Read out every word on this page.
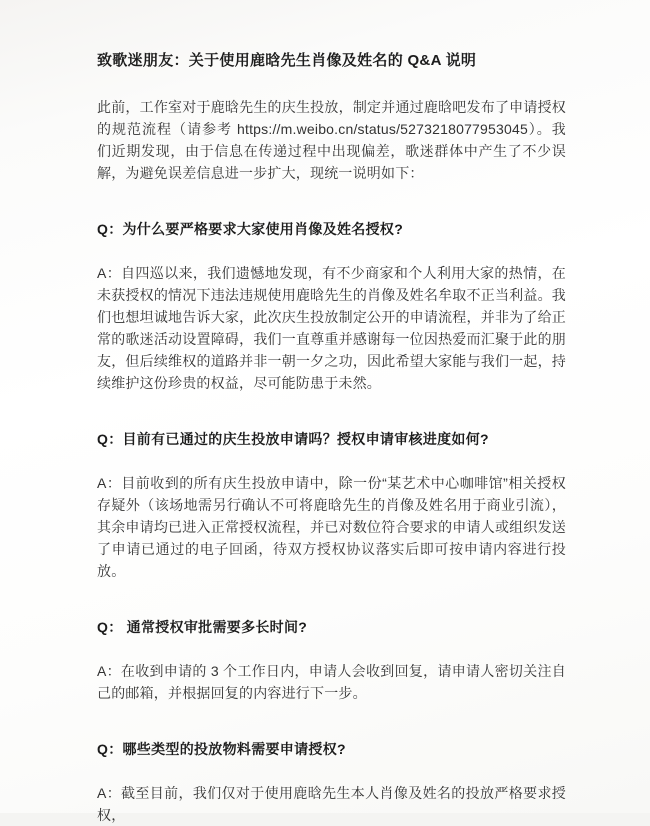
致歌迷朋友：关于使用鹿晗先生肖像及姓名的 Q&A 说明

此前，工作室对于鹿晗先生的庆生投放，制定并通过鹿晗吧发布了申请授权的规范流程（请参考 https://m.weibo.cn/status/5273218077953045）。我们近期发现，由于信息在传递过程中出现偏差，歌迷群体中产生了不少误解，为避免误差信息进一步扩大，现统一说明如下：

Q：为什么要严格要求大家使用肖像及姓名授权?

A：自四巡以来，我们遗憾地发现，有不少商家和个人利用大家的热情，在未获授权的情况下违法违规使用鹿晗先生的肖像及姓名牟取不正当利益。我们也想坦诚地告诉大家，此次庆生投放制定公开的申请流程，并非为了给正常的歌迷活动设置障碍，我们一直尊重并感谢每一位因热爱而汇聚于此的朋友，但后续维权的道路并非一朝一夕之功，因此希望大家能与我们一起，持续维护这份珍贵的权益，尽可能防患于未然。

Q：目前有已通过的庆生投放申请吗？授权申请审核进度如何?

A：目前收到的所有庆生投放申请中，除一份“某艺术中心咖啡馆”相关授权存疑外（该场地需另行确认不可将鹿晗先生的肖像及姓名用于商业引流），其余申请均已进入正常授权流程，并已对数位符合要求的申请人或组织发送了申请已通过的电子回函，待双方授权协议落实后即可按申请内容进行投放。

Q： 通常授权审批需要多长时间?

A：在收到申请的 3 个工作日内，申请人会收到回复，请申请人密切关注自己的邮箱，并根据回复的内容进行下一步。

Q：哪些类型的投放物料需要申请授权?

A：截至目前，我们仅对于使用鹿晗先生本人肖像及姓名的投放严格要求授权，
